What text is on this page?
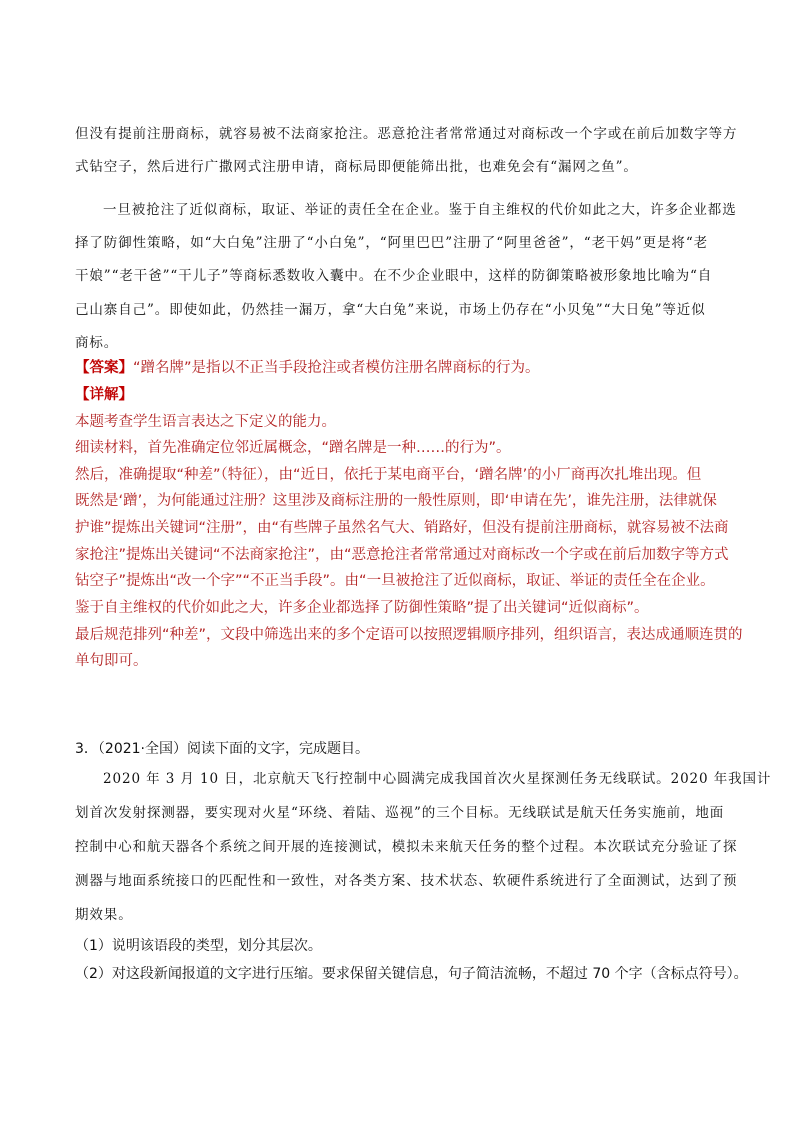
但没有提前注册商标，就容易被不法商家抢注。恶意抢注者常常通过对商标改一个字或在前后加数字等方
式钻空子，然后进行广撒网式注册申请，商标局即便能筛出批，也难免会有“漏网之鱼”。
一旦被抢注了近似商标，取证、举证的责任全在企业。鉴于自主维权的代价如此之大，许多企业都选
择了防御性策略，如“大白兔”注册了“小白兔”，“阿里巴巴”注册了“阿里爸爸”，“老干妈”更是将“老
干娘”“老干爸”“干儿子”等商标悉数收入囊中。在不少企业眼中，这样的防御策略被形象地比喻为“自
己山寨自己”。即使如此，仍然挂一漏万，拿“大白兔”来说，市场上仍存在“小贝兔”“大日兔”等近似
商标。
【答案】“蹭名牌”是指以不正当手段抢注或者模仿注册名牌商标的行为。
【详解】
本题考查学生语言表达之下定义的能力。
细读材料，首先准确定位邻近属概念，“蹭名牌是一种……的行为”。
然后，准确提取“种差”（特征），由“近日，依托于某电商平台，‘蹭名牌’的小厂商再次扎堆出现。但
既然是‘蹭’，为何能通过注册？这里涉及商标注册的一般性原则，即‘申请在先’，谁先注册，法律就保
护谁”提炼出关键词“注册”，由“有些牌子虽然名气大、销路好，但没有提前注册商标，就容易被不法商
家抢注”提炼出关键词“不法商家抢注”，由“恶意抢注者常常通过对商标改一个字或在前后加数字等方式
钻空子”提炼出“改一个字”“不正当手段”。由“一旦被抢注了近似商标，取证、举证的责任全在企业。
鉴于自主维权的代价如此之大，许多企业都选择了防御性策略”提了出关键词“近似商标”。
最后规范排列“种差”，文段中筛选出来的多个定语可以按照逻辑顺序排列，组织语言，表达成通顺连贯的
单句即可。
3．（2021·全国）阅读下面的文字，完成题目。
2020 年 3 月 10 日，北京航天飞行控制中心圆满完成我国首次火星探测任务无线联试。2020 年我国计
划首次发射探测器，要实现对火星“环绕、着陆、巡视”的三个目标。无线联试是航天任务实施前，地面
控制中心和航天器各个系统之间开展的连接测试，模拟未来航天任务的整个过程。本次联试充分验证了探
测器与地面系统接口的匹配性和一致性，对各类方案、技术状态、软硬件系统进行了全面测试，达到了预
期效果。
（1）说明该语段的类型，划分其层次。
（2）对这段新闻报道的文字进行压缩。要求保留关键信息，句子简洁流畅，不超过 70 个字（含标点符号）。
